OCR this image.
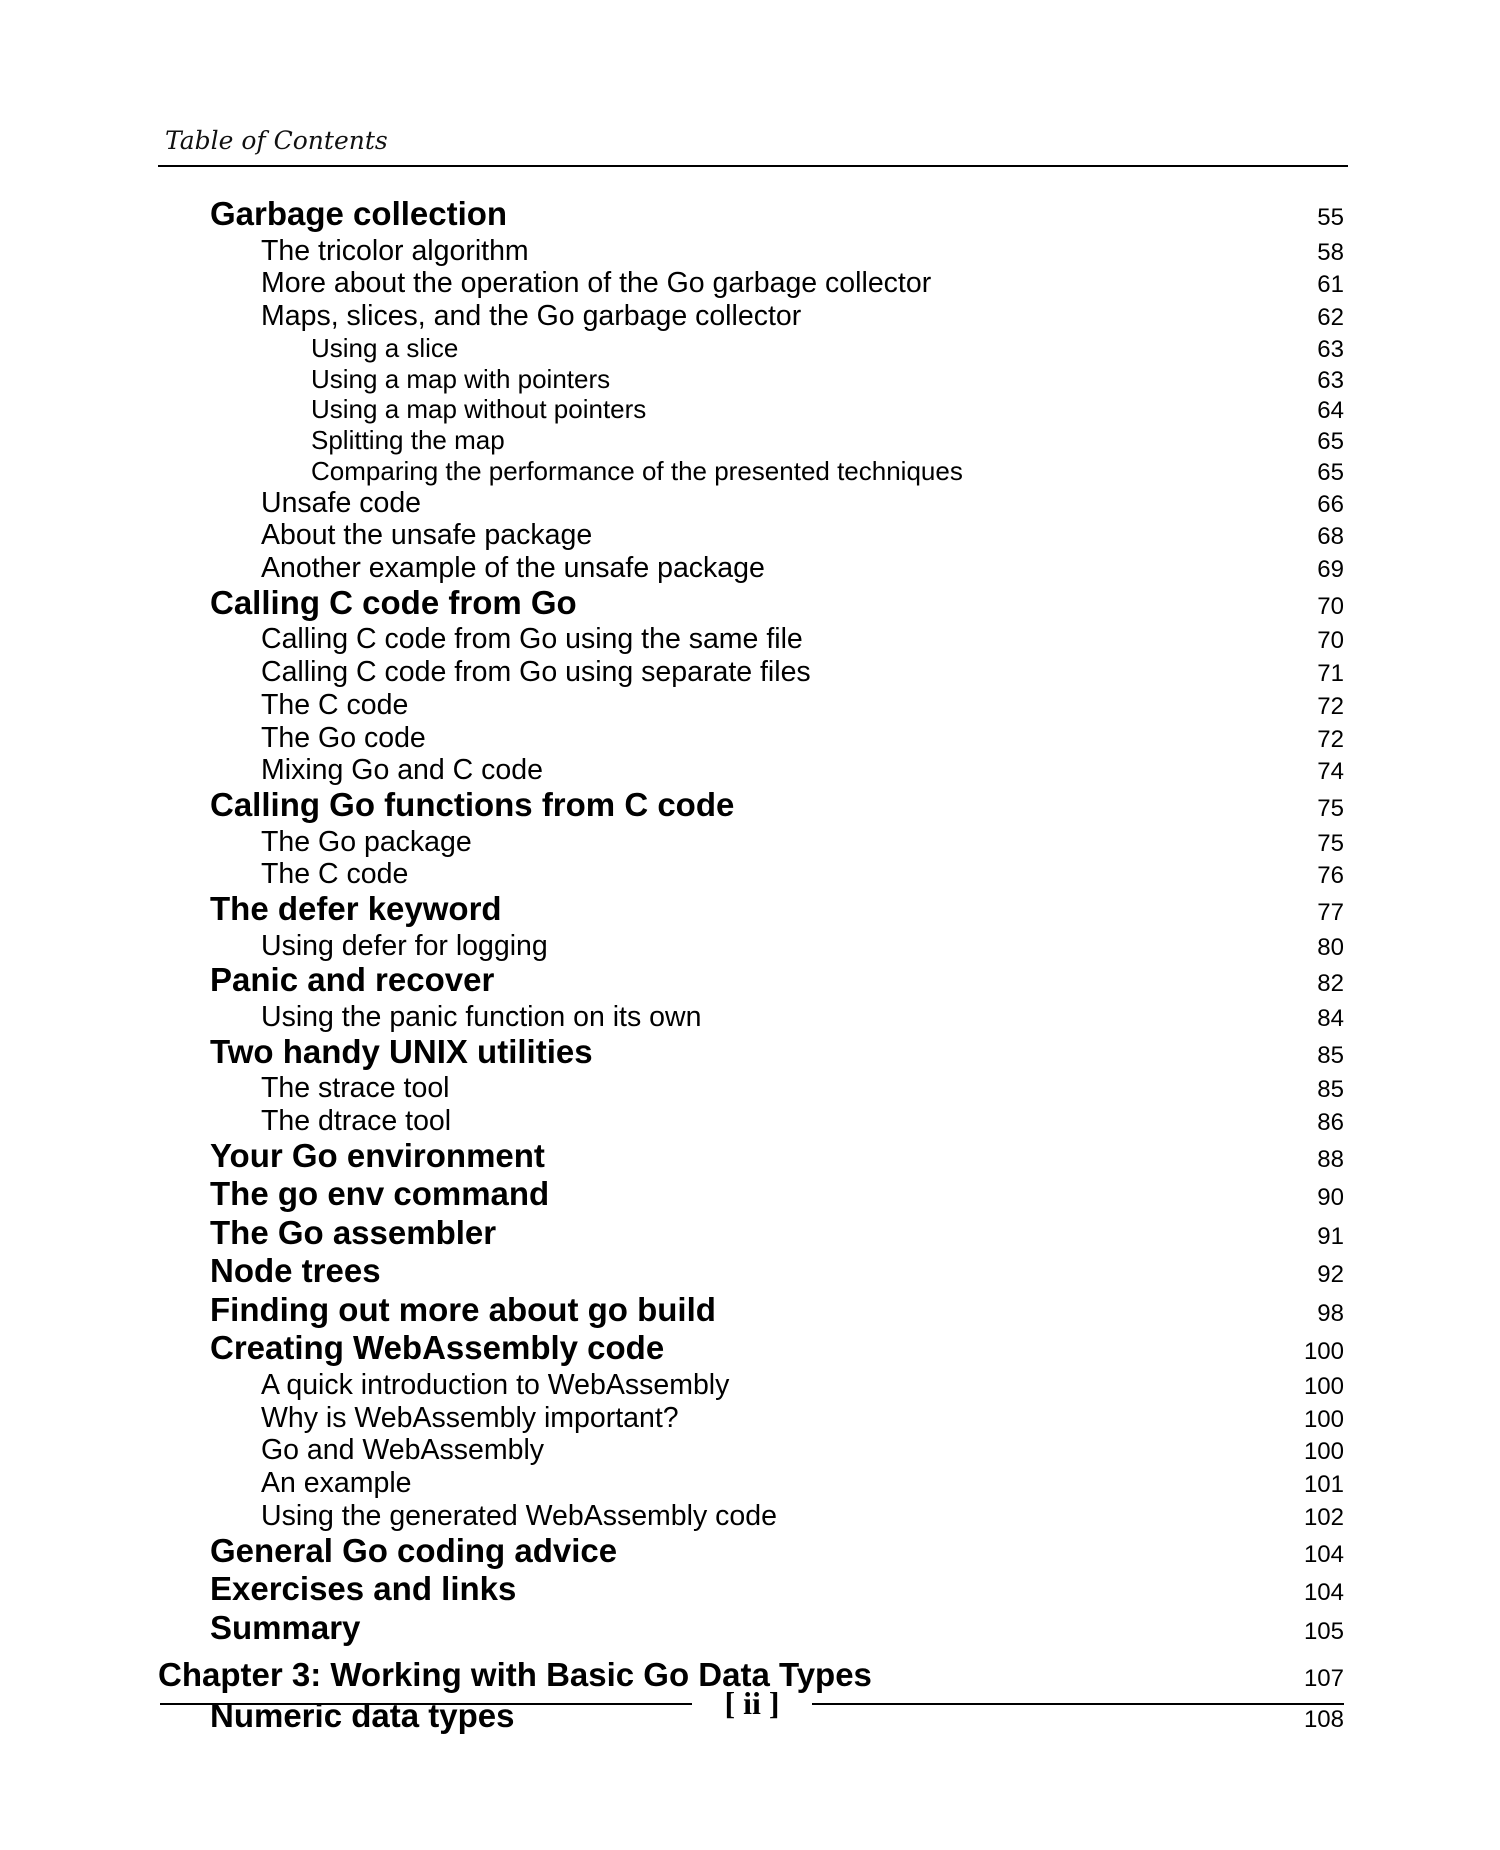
Table of Contents
Garbage collection	55
The tricolor algorithm	58
More about the operation of the Go garbage collector	61
Maps, slices, and the Go garbage collector	62
Using a slice	63
Using a map with pointers	63
Using a map without pointers	64
Splitting the map	65
Comparing the performance of the presented techniques	65
Unsafe code	66
About the unsafe package	68
Another example of the unsafe package	69
Calling C code from Go	70
Calling C code from Go using the same file	70
Calling C code from Go using separate files	71
The C code	72
The Go code	72
Mixing Go and C code	74
Calling Go functions from C code	75
The Go package	75
The C code	76
The defer keyword	77
Using defer for logging	80
Panic and recover	82
Using the panic function on its own	84
Two handy UNIX utilities	85
The strace tool	85
The dtrace tool	86
Your Go environment	88
The go env command	90
The Go assembler	91
Node trees	92
Finding out more about go build	98
Creating WebAssembly code	100
A quick introduction to WebAssembly	100
Why is WebAssembly important?	100
Go and WebAssembly	100
An example	101
Using the generated WebAssembly code	102
General Go coding advice	104
Exercises and links	104
Summary	105
Chapter 3: Working with Basic Go Data Types	107
Numeric data types	108
[ ii ]
